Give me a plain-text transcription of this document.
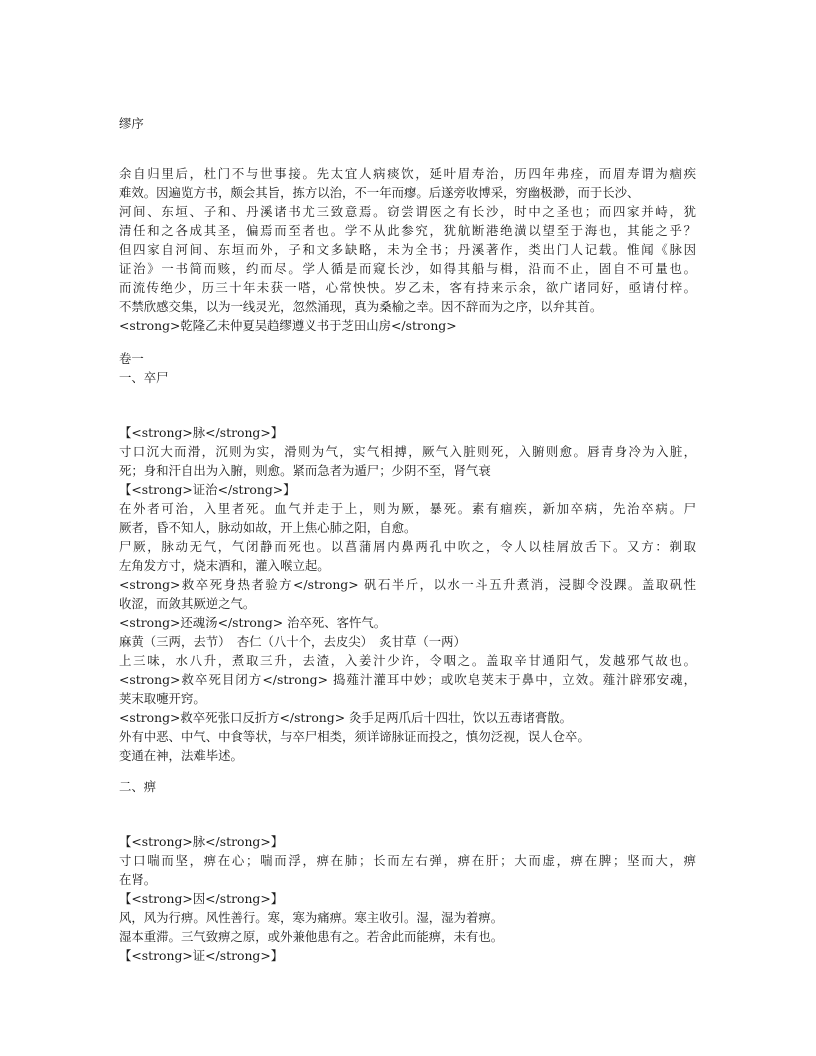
缪序
余自归里后，杜门不与世事接。先太宜人病痰饮，延叶眉寿治，历四年弗痊，而眉寿谓为痼疾
难效。因遍览方书，颇会其旨，拣方以治，不一年而瘳。后遂旁收博采，穷幽极渺，而于长沙、
河间、东垣、子和、丹溪诸书尤三致意焉。窃尝谓医之有长沙，时中之圣也；而四家并峙，犹
清任和之各成其圣，偏焉而至者也。学不从此参究，犹航断港绝潢以望至于海也，其能之乎？
但四家自河间、东垣而外，子和文多缺略，未为全书；丹溪著作，类出门人记载。惟闻《脉因
证治》一书简而赅，约而尽。学人循是而窥长沙，如得其船与楫，沿而不止，固自不可量也。
而流传绝少，历三十年未获一嗒，心常怏怏。岁乙未，客有持来示余，欲广诸同好，亟请付梓。
不禁欣感交集，以为一线灵光，忽然涌现，真为桑榆之幸。因不辞而为之序，以弁其首。
<strong>乾隆乙未仲夏吴趋缪遵义书于芝田山房</strong>
卷一
一、卒尸
【<strong>脉</strong>】
寸口沉大而滑，沉则为实，滑则为气，实气相搏，厥气入脏则死，入腑则愈。唇青身冷为入脏，
死；身和汗自出为入腑，则愈。紧而急者为遁尸；少阴不至，肾气衰
【<strong>证治</strong>】
在外者可治，入里者死。血气并走于上，则为厥，暴死。素有痼疾，新加卒病，先治卒病。尸
厥者，昏不知人，脉动如故，开上焦心肺之阳，自愈。
尸厥，脉动无气，气闭静而死也。以菖蒲屑内鼻两孔中吹之，令人以桂屑放舌下。又方：剃取
左角发方寸，烧末酒和，灌入喉立起。
<strong>救卒死身热者验方</strong> 矾石半斤，以水一斗五升煮消，浸脚令没踝。盖取矾性
收涩，而敛其厥逆之气。
<strong>还魂汤</strong> 治卒死、客忤气。
麻黄（三两，去节）　杏仁（八十个，去皮尖）　炙甘草（一两）
上三味，水八升，煮取三升，去渣，入姜汁少许，令咽之。盖取辛甘通阳气，发越邪气故也。
<strong>救卒死目闭方</strong> 捣薤汁灌耳中妙；或吹皂荚末于鼻中，立效。薤汁辟邪安魂，
荚末取嚏开窍。
<strong>救卒死张口反折方</strong> 灸手足两爪后十四壮，饮以五毒诸膏散。
外有中恶、中气、中食等状，与卒尸相类，须详谛脉证而投之，慎勿泛视，误人仓卒。
变通在神，法难毕述。
二、痹
【<strong>脉</strong>】
寸口喘而坚，痹在心；喘而浮，痹在肺；长而左右弹，痹在肝；大而虚，痹在脾；坚而大，痹
在肾。
【<strong>因</strong>】
风，风为行痹。风性善行。寒，寒为痛痹。寒主收引。湿，湿为着痹。
湿本重滞。三气致痹之原，或外兼他患有之。若舍此而能痹，未有也。
【<strong>证</strong>】
